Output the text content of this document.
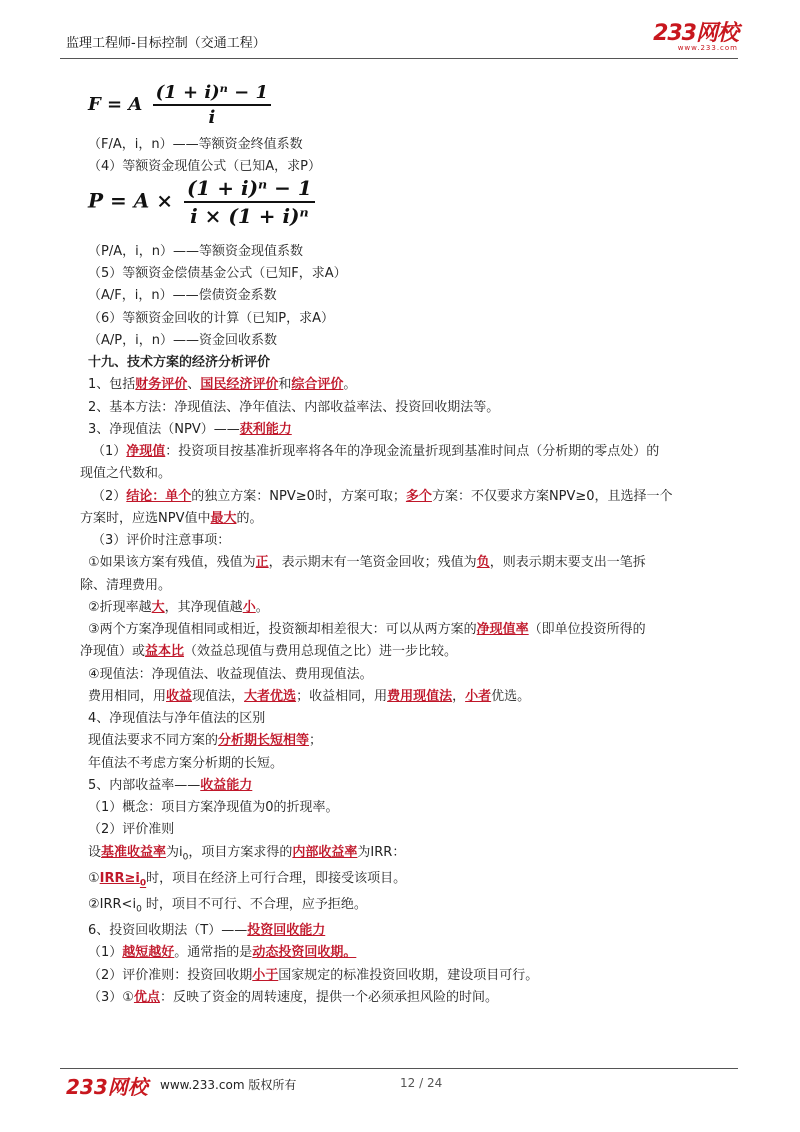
监理工程师-目标控制（交通工程）	233网校
www.233.com
F = A $\frac{\text{(1 + i)ⁿ − 1}}{i}$
（F/A，i，n）——等额资金终值系数
（4）等额资金现值公式（已知A，求P）
$P = A \times \frac{\text{(1 + i)ⁿ − 1}}{\text{i × (1 + i)ⁿ}}$
（P/A，i，n）——等额资金现值系数
（5）等额资金偿债基金公式（已知F，求A）
（A/F，i，n）——偿债资金系数
（6）等额资金回收的计算（已知P，求A）
（A/P，i，n）——资金回收系数
十九、技术方案的经济分析评价
1、包括财务评价、国民经济评价和综合评价。
2、基本方法：净现值法、净年值法、内部收益率法、投资回收期法等。
3、净现值法（NPV）——获利能力
（1）净现值：投资项目按基准折现率将各年的净现金流量折现到基准时间点（分析期的零点处）的
现值之代数和。
（2）结论：单个的独立方案：NPV≥0时，方案可取；多个方案：不仅要求方案NPV≥0，且选择一个
方案时，应选NPV值中最大的。
（3）评价时注意事项：
①如果该方案有残值，残值为正，表示期末有一笔资金回收；残值为负，则表示期末要支出一笔拆
除、清理费用。
②折现率越大，其净现值越小。
③两个方案净现值相同或相近，投资额却相差很大：可以从两方案的净现值率（即单位投资所得的
净现值）或益本比（效益总现值与费用总现值之比）进一步比较。
④现值法：净现值法、收益现值法、费用现值法。
费用相同，用收益现值法，大者优选；收益相同，用费用现值法，小者优选。
4、净现值法与净年值法的区别
现值法要求不同方案的分析期长短相等；
年值法不考虑方案分析期的长短。
5、内部收益率——收益能力
（1）概念：项目方案净现值为0的折现率。
（2）评价准则
设基准收益率为$i_0$，项目方案求得的内部收益率为IRR：
$①IRR\ge i_0$时，项目在经济上可行合理，即接受该项目。
$②IRR<i_0$ 时，项目不可行、不合理，应予拒绝。
6、投资回收期法（T）——投资回收能力
（1）越短越好。通常指的是动态投资回收期。
（2）评价准则：投资回收期小于国家规定的标准投资回收期，建设项目可行。
（3）①优点：反映了资金的周转速度，提供一个必须承担风险的时间。
233网校 www.233.com 版权所有	12 / 24
